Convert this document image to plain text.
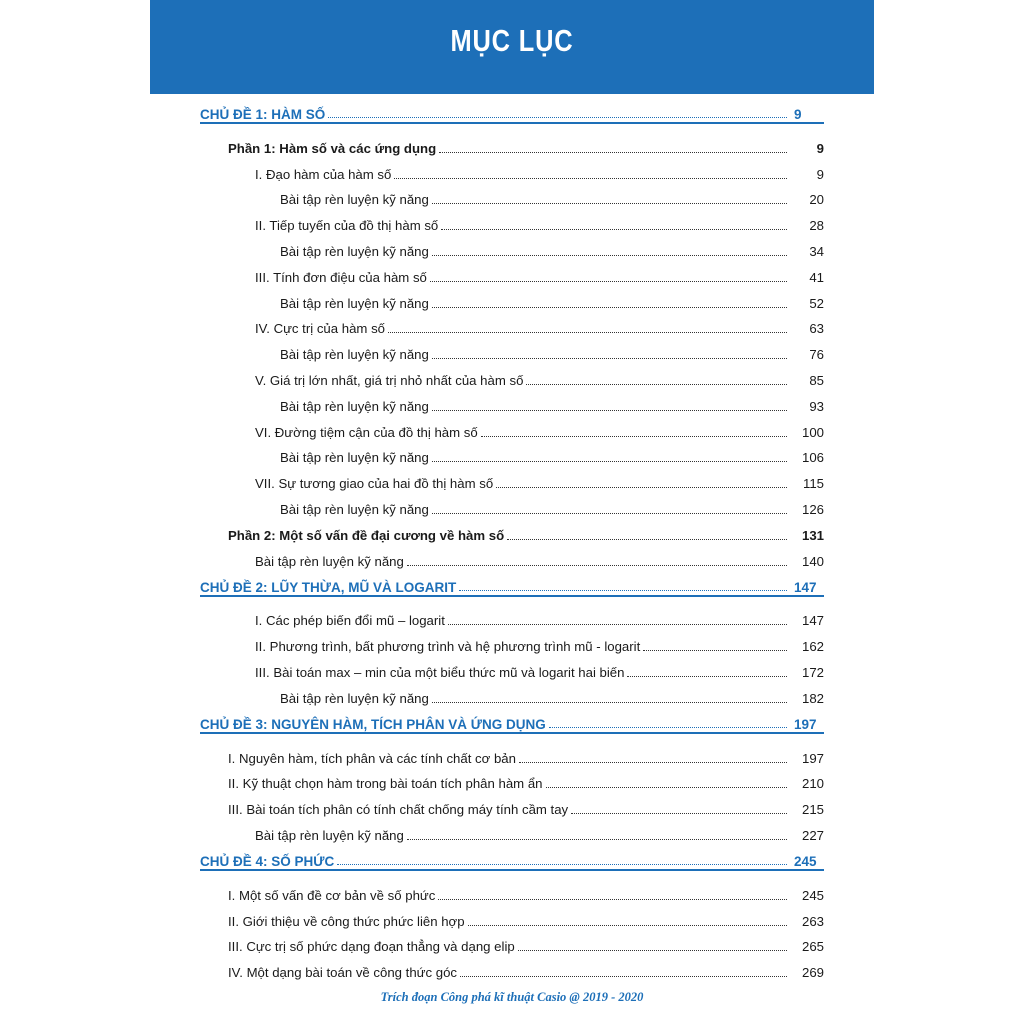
MỤC LỤC
CHỦ ĐỀ 1: HÀM SỐ	9
Phần 1: Hàm số và các ứng dụng	9
I. Đạo hàm của hàm số	9
Bài tập rèn luyện kỹ năng	20
II. Tiếp tuyến của đồ thị hàm số	28
Bài tập rèn luyện kỹ năng	34
III. Tính đơn điệu của hàm số	41
Bài tập rèn luyện kỹ năng	52
IV. Cực trị của hàm số	63
Bài tập rèn luyện kỹ năng	76
V. Giá trị lớn nhất, giá trị nhỏ nhất của hàm số	85
Bài tập rèn luyện kỹ năng	93
VI. Đường tiệm cận của đồ thị hàm số	100
Bài tập rèn luyện kỹ năng	106
VII. Sự tương giao của hai đồ thị hàm số	115
Bài tập rèn luyện kỹ năng	126
Phần 2: Một số vấn đề đại cương về hàm số	131
Bài tập rèn luyện kỹ năng	140
CHỦ ĐỀ 2: LŨY THỪA, MŨ VÀ LOGARIT	147
I. Các phép biến đổi mũ – logarit	147
II. Phương trình, bất phương trình và hệ phương trình mũ - logarit	162
III. Bài toán max – min của một biểu thức mũ và logarit hai biến	172
Bài tập rèn luyện kỹ năng	182
CHỦ ĐỀ 3: NGUYÊN HÀM, TÍCH PHÂN VÀ ỨNG DỤNG	197
I. Nguyên hàm, tích phân và các tính chất cơ bản	197
II. Kỹ thuật chọn hàm trong bài toán tích phân hàm ẩn	210
III. Bài toán tích phân có tính chất chống máy tính cầm tay	215
Bài tập rèn luyện kỹ năng	227
CHỦ ĐỀ 4: SỐ PHỨC	245
I. Một số vấn đề cơ bản về số phức	245
II. Giới thiệu về công thức phức liên hợp	263
III. Cực trị số phức dạng đoạn thẳng và dạng elip	265
IV. Một dạng bài toán về công thức góc	269
Trích đoạn Công phá kĩ thuật Casio @ 2019 - 2020
